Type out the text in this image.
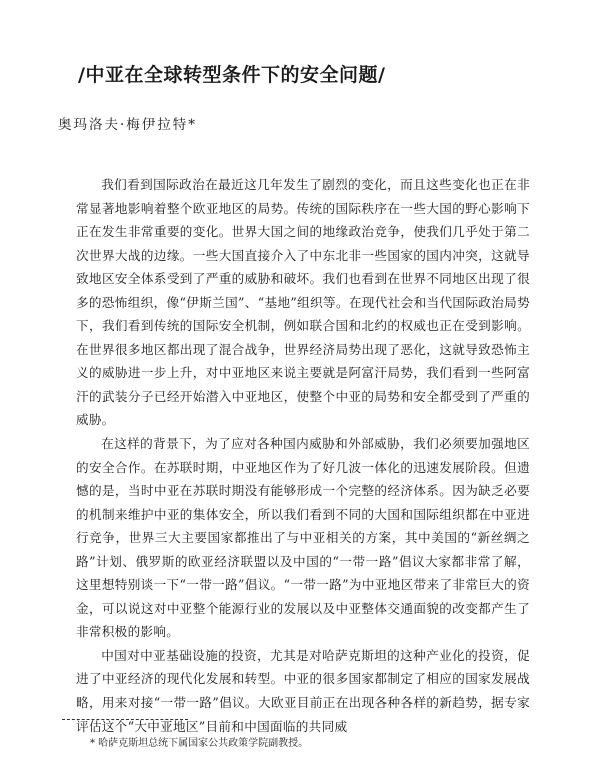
/中亚在全球转型条件下的安全问题/
奥玛洛夫·梅伊拉特*

我们看到国际政治在最近这几年发生了剧烈的变化，而且这些变化也正在非常显著地影响着整个欧亚地区的局势。传统的国际秩序在一些大国的野心影响下正在发生非常重要的变化。世界大国之间的地缘政治竞争，使我们几乎处于第二次世界大战的边缘。一些大国直接介入了中东北非一些国家的国内冲突，这就导致地区安全体系受到了严重的威胁和破坏。我们也看到在世界不同地区出现了很多的恐怖组织，像“伊斯兰国”、“基地”组织等。在现代社会和当代国际政治局势下，我们看到传统的国际安全机制，例如联合国和北约的权威也正在受到影响。在世界很多地区都出现了混合战争，世界经济局势出现了恶化，这就导致恐怖主义的威胁进一步上升，对中亚地区来说主要就是阿富汗局势，我们看到一些阿富汗的武装分子已经开始潜入中亚地区，使整个中亚的局势和安全都受到了严重的威胁。

在这样的背景下，为了应对各种国内威胁和外部威胁，我们必须要加强地区的安全合作。在苏联时期，中亚地区作为了好几波一体化的迅速发展阶段。但遗憾的是，当时中亚在苏联时期没有能够形成一个完整的经济体系。因为缺乏必要的机制来维护中亚的集体安全，所以我们看到不同的大国和国际组织都在中亚进行竞争，世界三大主要国家都推出了与中亚相关的方案，其中美国的“新丝绸之路”计划、俄罗斯的欧亚经济联盟以及中国的“一带一路”倡议大家都非常了解，这里想特别谈一下“一带一路”倡议。“一带一路”为中亚地区带来了非常巨大的资金，可以说这对中亚整个能源行业的发展以及中亚整体交通面貌的改变都产生了非常积极的影响。

中国对中亚基础设施的投资，尤其是对哈萨克斯坦的这种产业化的投资，促进了中亚经济的现代化发展和转型。中亚的很多国家都制定了相应的国家发展战略，用来对接“一带一路”倡议。大欧亚目前正在出现各种各样的新趋势，据专家评估这个“大中亚地区”目前和中国面临的共同威

* 哈萨克斯坦总统下属国家公共政策学院副教授。
